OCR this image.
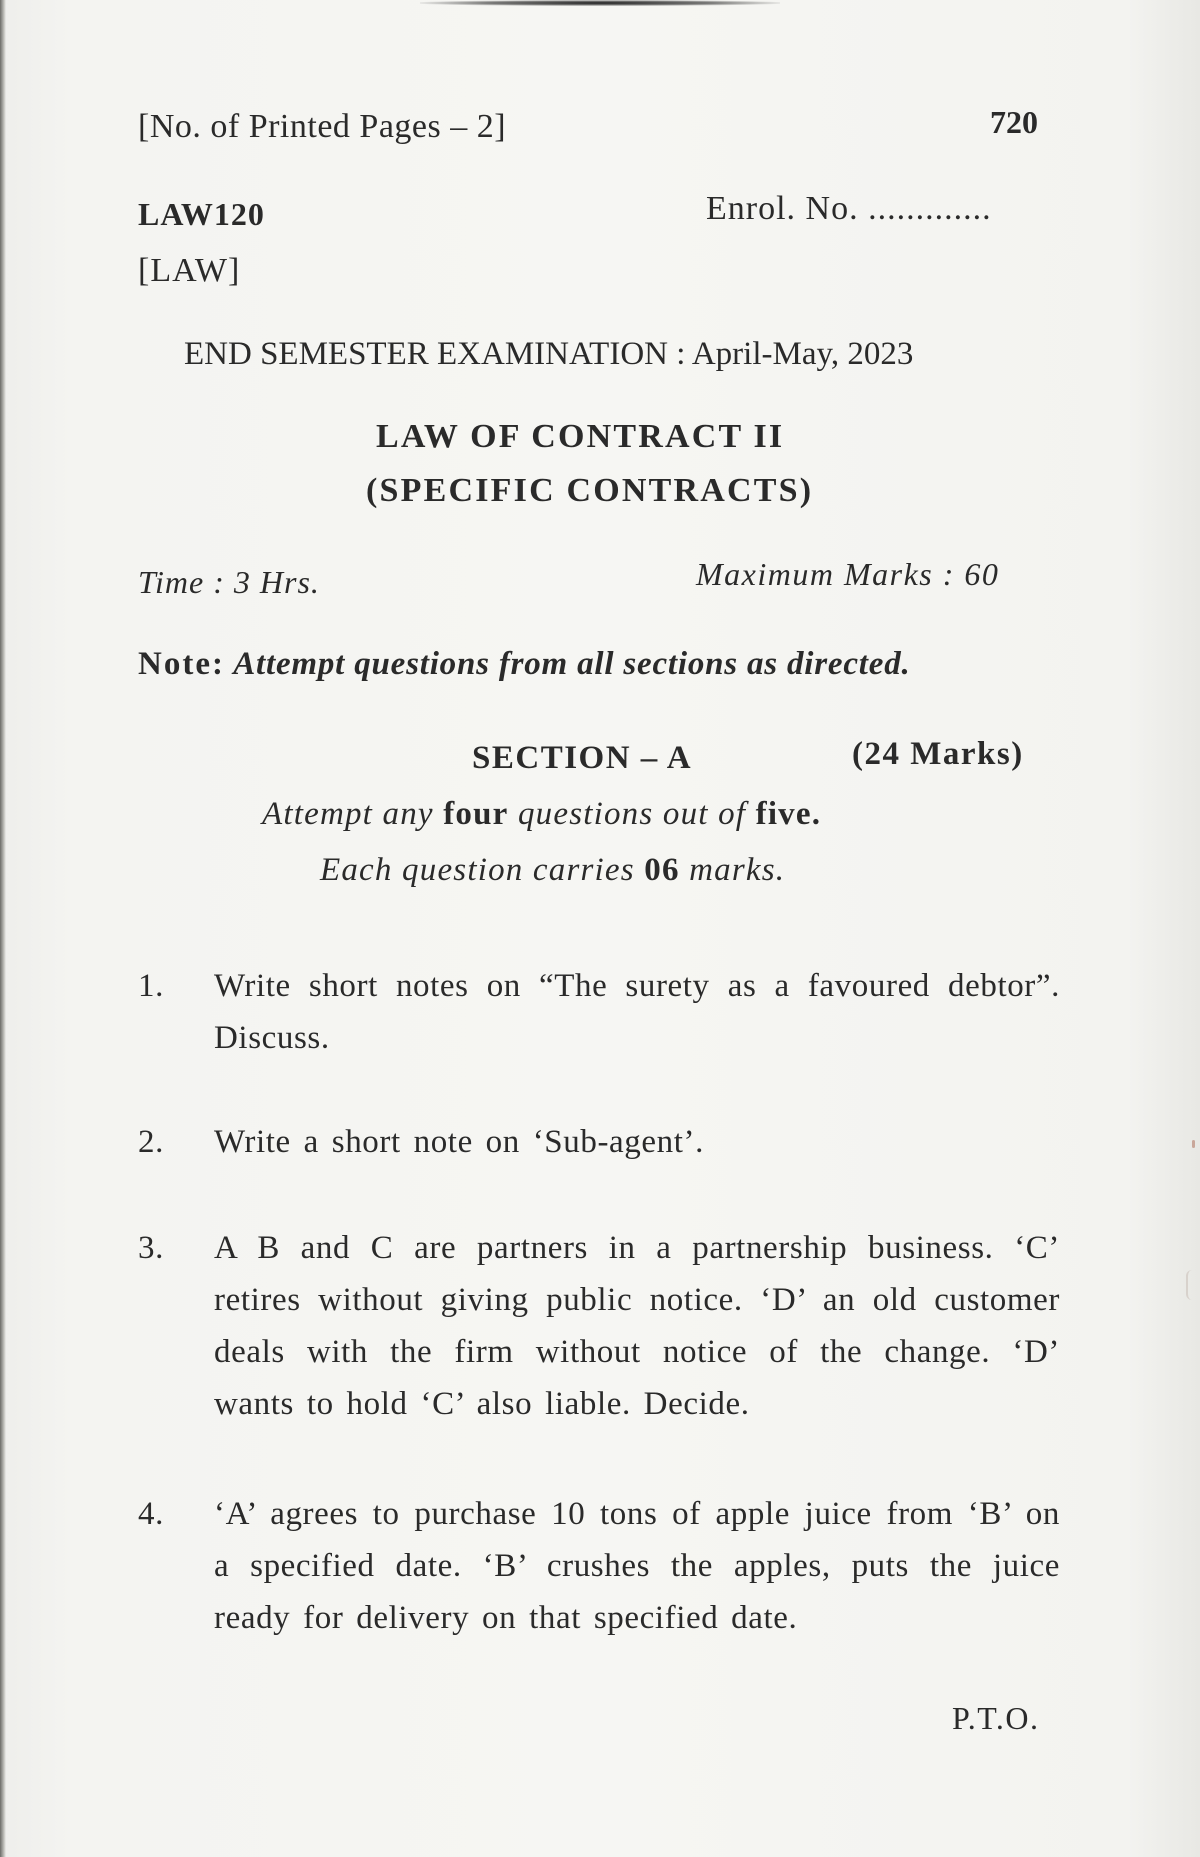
[No. of Printed Pages – 2]	720
LAW120	Enrol. No. .............
[LAW]
END SEMESTER EXAMINATION : April-May, 2023
LAW OF CONTRACT II
(SPECIFIC CONTRACTS)
Time : 3 Hrs.	Maximum Marks : 60
Note: Attempt questions from all sections as directed.
SECTION – A	(24 Marks)
Attempt any four questions out of five.
Each question carries 06 marks.
1.	Write short notes on “The surety as a favoured debtor”. Discuss.
2.	Write a short note on ‘Sub-agent’.
3.	A B and C are partners in a partnership business. ‘C’ retires without giving public notice. ‘D’ an old customer deals with the firm without notice of the change. ‘D’ wants to hold ‘C’ also liable. Decide.
4.	‘A’ agrees to purchase 10 tons of apple juice from ‘B’ on a specified date. ‘B’ crushes the apples, puts the juice ready for delivery on that specified date.
P.T.O.
